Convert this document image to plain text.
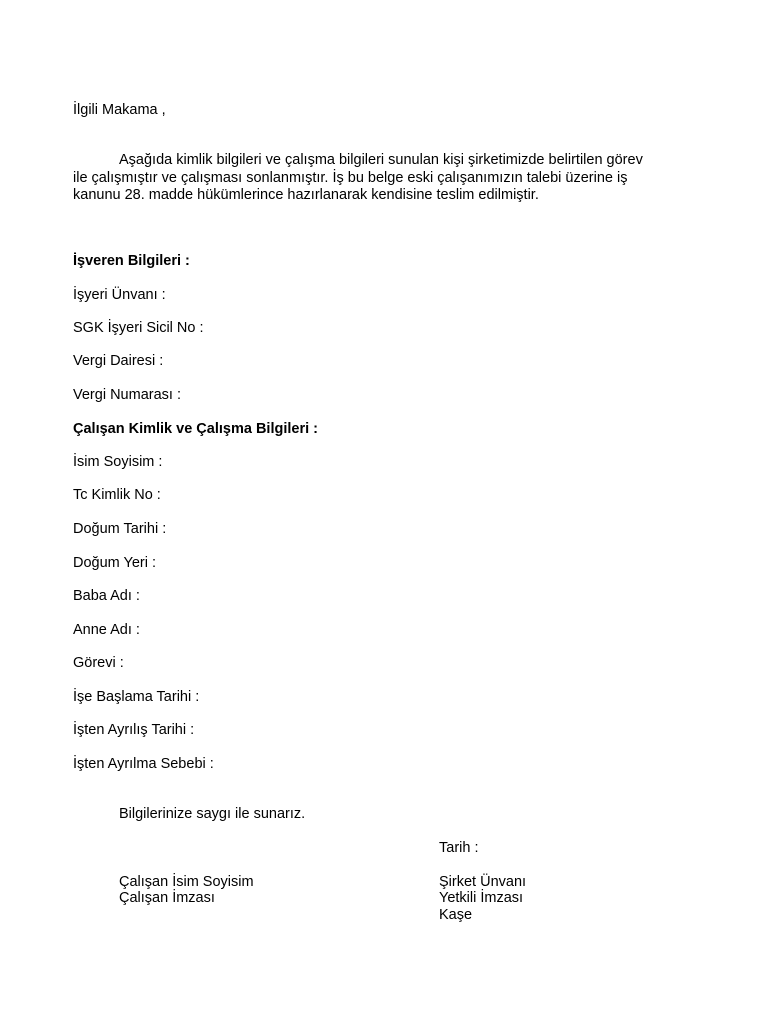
İlgili Makama ,
Aşağıda kimlik bilgileri ve çalışma bilgileri sunulan kişi şirketimizde belirtilen görev
ile çalışmıştır ve çalışması sonlanmıştır. İş bu belge eski çalışanımızın talebi üzerine iş
kanunu 28. madde hükümlerince hazırlanarak kendisine teslim edilmiştir.
İşveren Bilgileri :
İşyeri Ünvanı :
SGK İşyeri Sicil No :
Vergi Dairesi :
Vergi Numarası :
Çalışan Kimlik ve Çalışma Bilgileri :
İsim Soyisim :
Tc Kimlik No :
Doğum Tarihi :
Doğum Yeri :
Baba Adı :
Anne Adı :
Görevi :
İşe Başlama Tarihi :
İşten Ayrılış Tarihi :
İşten Ayrılma Sebebi :
Bilgilerinize saygı ile sunarız.
Tarih :
Çalışan İsim Soyisim
Çalışan İmzası
Şirket Ünvanı
Yetkili İmzası
Kaşe
